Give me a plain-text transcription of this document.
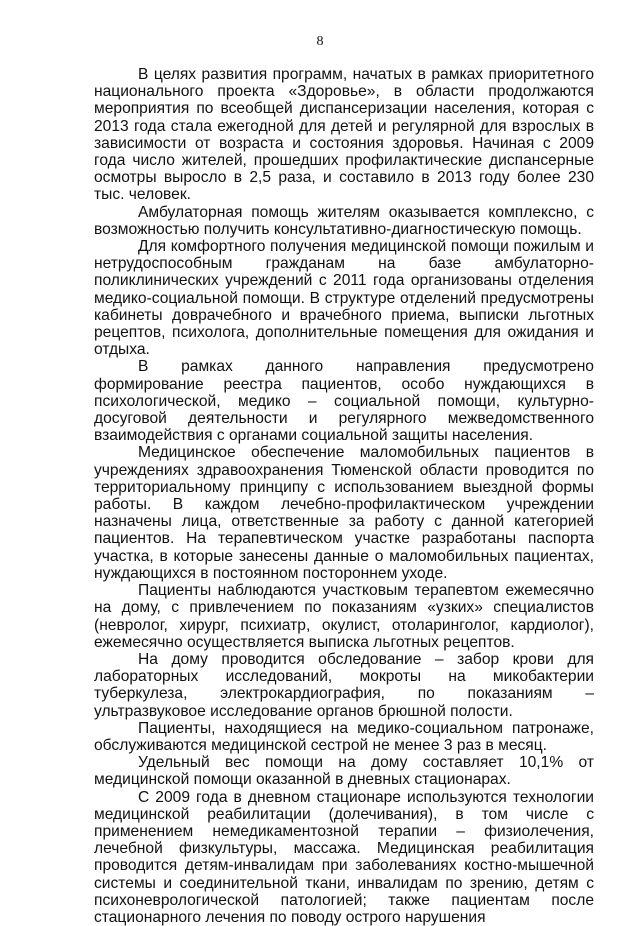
8

В целях развития программ, начатых в рамках приоритетного национального проекта «Здоровье», в области продолжаются мероприятия по всеобщей диспансеризации населения, которая с 2013 года стала ежегодной для детей и регулярной для взрослых в зависимости от возраста и состояния здоровья. Начиная с 2009 года число жителей, прошедших профилактические диспансерные осмотры выросло в 2,5 раза, и составило в 2013 году более 230 тыс. человек.

Амбулаторная помощь жителям оказывается комплексно, с возможностью получить консультативно-диагностическую помощь.

Для комфортного получения медицинской помощи пожилым и нетрудоспособным гражданам на базе амбулаторно-поликлинических учреждений с 2011 года организованы отделения медико-социальной помощи. В структуре отделений предусмотрены кабинеты доврачебного и врачебного приема, выписки льготных рецептов, психолога, дополнительные помещения для ожидания и отдыха.

В рамках данного направления предусмотрено формирование реестра пациентов, особо нуждающихся в психологической, медико – социальной помощи, культурно-досуговой деятельности и регулярного межведомственного взаимодействия с органами социальной защиты населения.

Медицинское обеспечение маломобильных пациентов в учреждениях здравоохранения Тюменской области проводится по территориальному принципу с использованием выездной формы работы. В каждом лечебно-профилактическом учреждении назначены лица, ответственные за работу с данной категорией пациентов. На терапевтическом участке разработаны паспорта участка, в которые занесены данные о маломобильных пациентах, нуждающихся в постоянном постороннем уходе.

Пациенты наблюдаются участковым терапевтом ежемесячно на дому, с привлечением по показаниям «узких» специалистов (невролог, хирург, психиатр, окулист, отоларинголог, кардиолог), ежемесячно осуществляется выписка льготных рецептов.

На дому проводится обследование – забор крови для лабораторных исследований, мокроты на микобактерии туберкулеза, электрокардиография, по показаниям – ультразвуковое исследование органов брюшной полости.

Пациенты, находящиеся на медико-социальном патронаже, обслуживаются медицинской сестрой не менее 3 раз в месяц.

Удельный вес помощи на дому составляет 10,1% от медицинской помощи оказанной в дневных стационарах.

С 2009 года в дневном стационаре используются технологии медицинской реабилитации (долечивания), в том числе с применением немедикаментозной терапии – физиолечения, лечебной физкультуры, массажа. Медицинская реабилитация проводится детям-инвалидам при заболеваниях костно-мышечной системы и соединительной ткани, инвалидам по зрению, детям с психоневрологической патологией; также пациентам после стационарного лечения по поводу острого нарушения
